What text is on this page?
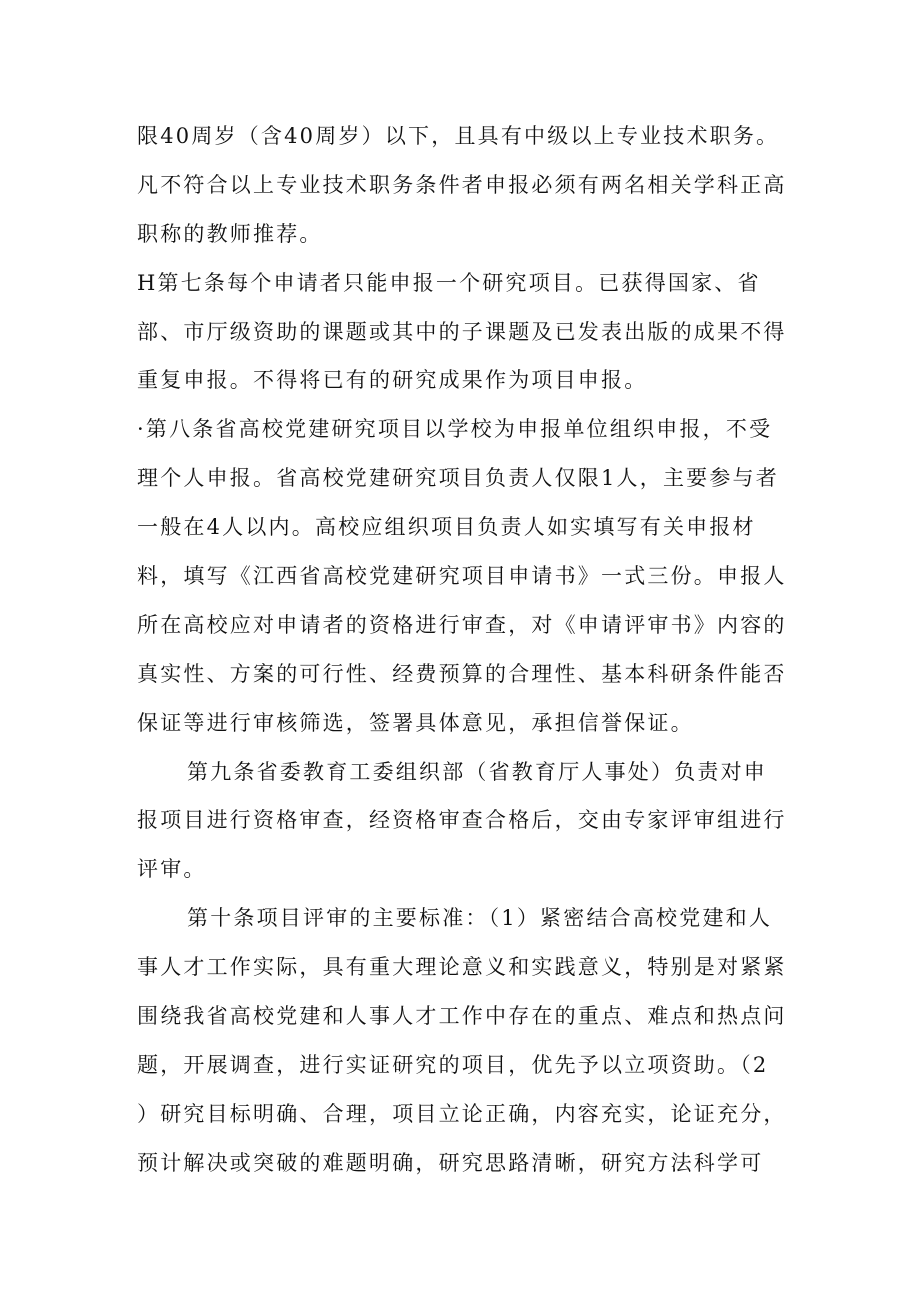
限40周岁（含40周岁）以下，且具有中级以上专业技术职务。
凡不符合以上专业技术职务条件者申报必须有两名相关学科正高
职称的教师推荐。
H第七条每个申请者只能申报一个研究项目。已获得国家、省
部、市厅级资助的课题或其中的子课题及已发表出版的成果不得
重复申报。不得将已有的研究成果作为项目申报。
·第八条省高校党建研究项目以学校为申报单位组织申报，不受
理个人申报。省高校党建研究项目负责人仅限1人，主要参与者
一般在4人以内。高校应组织项目负责人如实填写有关申报材
料，填写《江西省高校党建研究项目申请书》一式三份。申报人
所在高校应对申请者的资格进行审查，对《申请评审书》内容的
真实性、方案的可行性、经费预算的合理性、基本科研条件能否
保证等进行审核筛选，签署具体意见，承担信誉保证。
第九条省委教育工委组织部（省教育厅人事处）负责对申
报项目进行资格审查，经资格审查合格后，交由专家评审组进行
评审。
第十条项目评审的主要标准：（1）紧密结合高校党建和人
事人才工作实际，具有重大理论意义和实践意义，特别是对紧紧
围绕我省高校党建和人事人才工作中存在的重点、难点和热点问
题，开展调查，进行实证研究的项目，优先予以立项资助。（2
）研究目标明确、合理，项目立论正确，内容充实，论证充分，
预计解决或突破的难题明确，研究思路清晰，研究方法科学可
